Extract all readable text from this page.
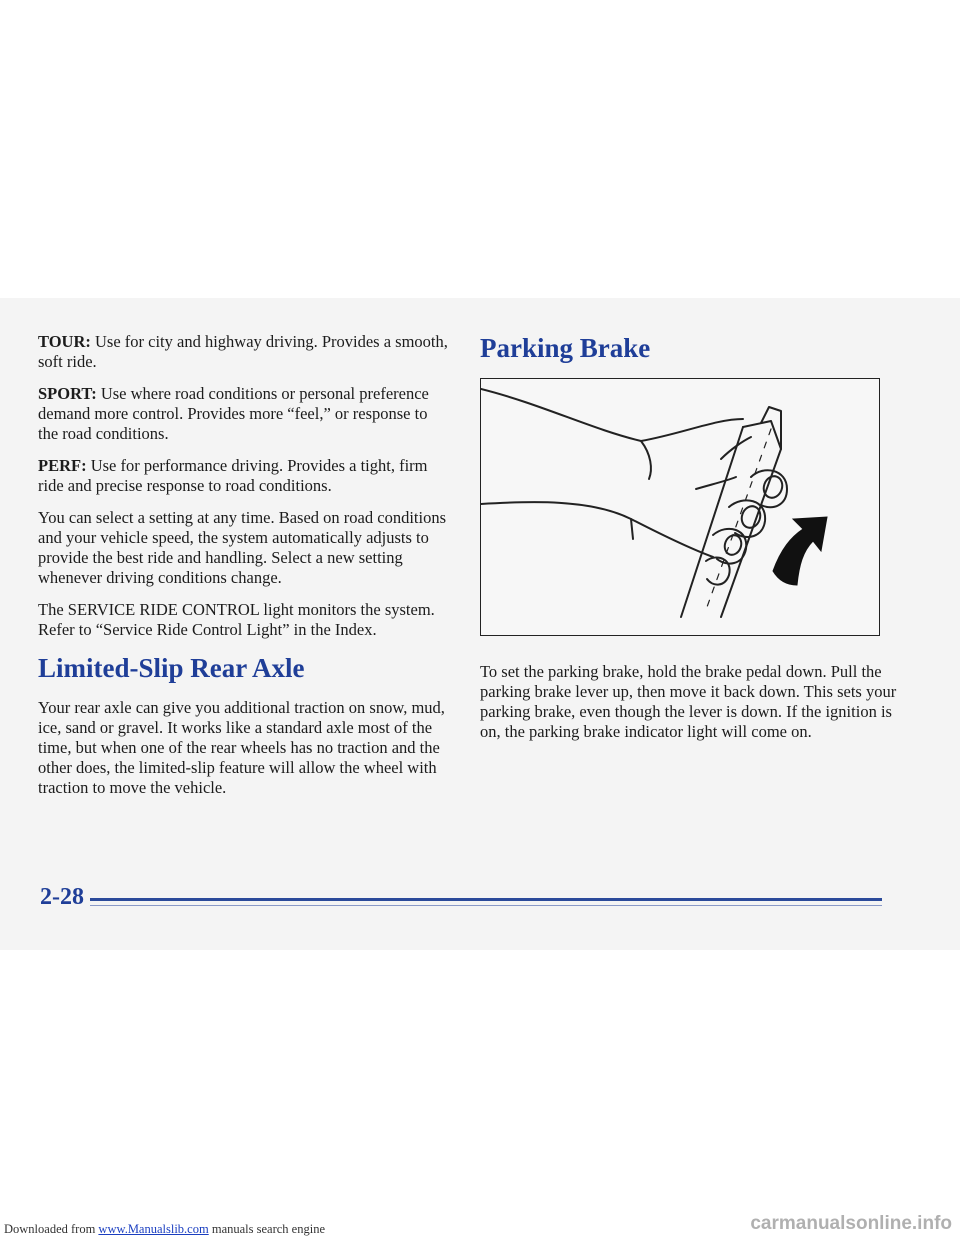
TOUR: Use for city and highway driving. Provides a smooth, soft ride.

SPORT: Use where road conditions or personal preference demand more control. Provides more “feel,” or response to the road conditions.

PERF: Use for performance driving. Provides a tight, firm ride and precise response to road conditions.

You can select a setting at any time. Based on road conditions and your vehicle speed, the system automatically adjusts to provide the best ride and handling. Select a new setting whenever driving conditions change.

The SERVICE RIDE CONTROL light monitors the system. Refer to “Service Ride Control Light” in the Index.

Limited-Slip Rear Axle

Your rear axle can give you additional traction on snow, mud, ice, sand or gravel. It works like a standard axle most of the time, but when one of the rear wheels has no traction and the other does, the limited-slip feature will allow the wheel with traction to move the vehicle.

Parking Brake

To set the parking brake, hold the brake pedal down. Pull the parking brake lever up, then move it back down. This sets your parking brake, even though the lever is down. If the ignition is on, the parking brake indicator light will come on.

2-28
Downloaded from www.Manualslib.com manuals search engine	carmanualsonline.info
